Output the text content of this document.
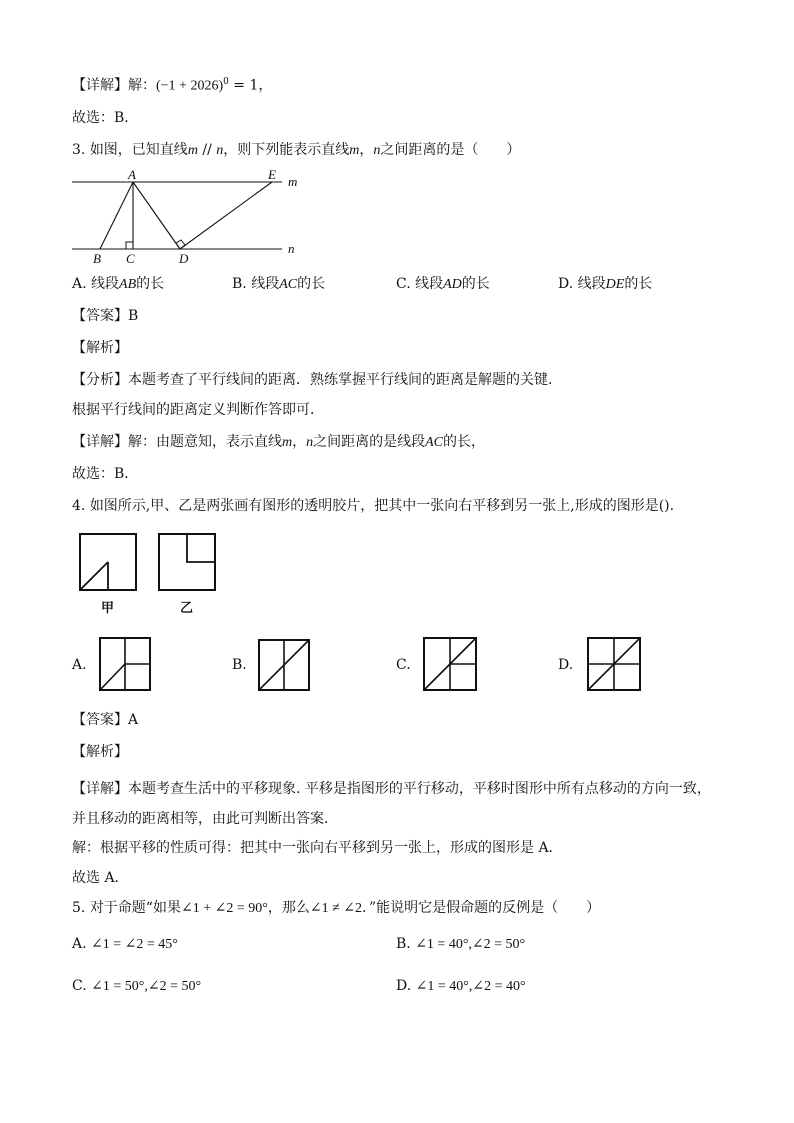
【详解】解：$(-1 + 2026)^0 = 1$，
故选：B．
3. 如图，已知直线m // n，则下列能表示直线m，n之间距离的是（　　）
A	E m
B C	D
n
A. 线段AB的长	B. 线段AC的长	C. 线段AD的长	D. 线段DE的长
【答案】B
【解析】
【分析】本题考查了平行线间的距离．熟练掌握平行线间的距离是解题的关键．
根据平行线间的距离定义判断作答即可．
【详解】解：由题意知，表示直线m，n之间距离的是线段AC的长，
故选：B．
4. 如图所示,甲、乙是两张画有图形的透明胶片，把其中一张向右平移到另一张上,形成的图形是().
甲	乙
A.	B.	C.	D.
【答案】A
【解析】
【详解】本题考查生活中的平移现象. 平移是指图形的平行移动，平移时图形中所有点移动的方向一致，并且移动的距离相等，由此可判断出答案．
解：根据平移的性质可得：把其中一张向右平移到另一张上，形成的图形是 A．
故选 A．
5. 对于命题“如果∠1 + ∠2 = 90°，那么∠1 ≠ ∠2．”能说明它是假命题的反例是（　　）
A. ∠1 = ∠2 = 45°	B. ∠1 = 40°,∠2 = 50°
C. ∠1 = 50°,∠2 = 50°	D. ∠1 = 40°,∠2 = 40°
